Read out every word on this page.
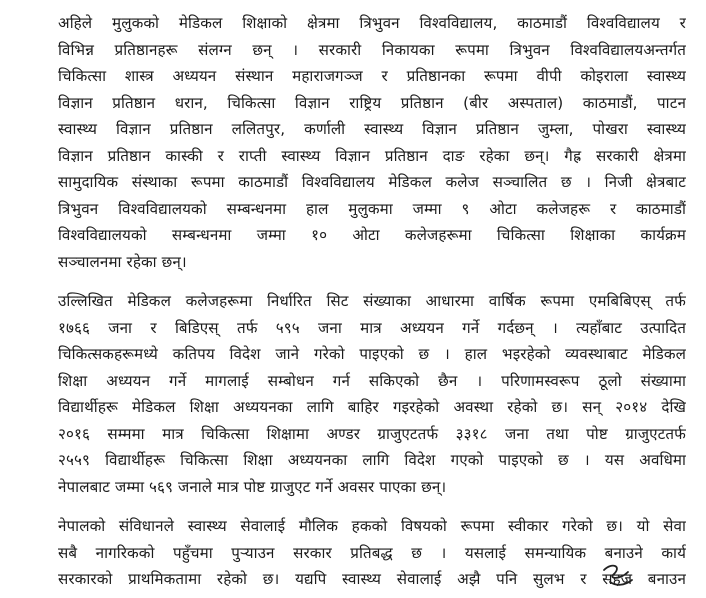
अहिले मुलुकको मेडिकल शिक्षाको क्षेत्रमा त्रिभुवन विश्वविद्यालय, काठमाडौं विश्वविद्यालय र
विभिन्न प्रतिष्ठानहरू संलग्न छन् । सरकारी निकायका रूपमा त्रिभुवन विश्वविद्यालयअन्तर्गत
चिकित्सा शास्त्र अध्ययन संस्थान महाराजगञ्ज र प्रतिष्ठानका रूपमा वीपी कोइराला स्वास्थ्य
विज्ञान प्रतिष्ठान धरान, चिकित्सा विज्ञान राष्ट्रिय प्रतिष्ठान (बीर अस्पताल) काठमाडौं, पाटन
स्वास्थ्य विज्ञान प्रतिष्ठान ललितपुर, कर्णाली स्वास्थ्य विज्ञान प्रतिष्ठान जुम्ला, पोखरा स्वास्थ्य
विज्ञान प्रतिष्ठान कास्की र राप्ती स्वास्थ्य विज्ञान प्रतिष्ठान दाङ रहेका छन्। गैह्र सरकारी क्षेत्रमा
सामुदायिक संस्थाका रूपमा काठमाडौं विश्वविद्यालय मेडिकल कलेज सञ्चालित छ । निजी क्षेत्रबाट
त्रिभुवन विश्वविद्यालयको सम्बन्धनमा हाल मुलुकमा जम्मा ९ ओटा कलेजहरू र काठमाडौं
विश्वविद्यालयको सम्बन्धनमा जम्मा १० ओटा कलेजहरूमा चिकित्सा शिक्षाका कार्यक्रम
सञ्चालनमा रहेका छन्।
उल्लिखित मेडिकल कलेजहरूमा निर्धारित सिट संख्याका आधारमा वार्षिक रूपमा एमबिबिएस् तर्फ
१७६६ जना र बिडिएस् तर्फ ५९५ जना मात्र अध्ययन गर्ने गर्दछन् । त्यहाँबाट उत्पादित
चिकित्सकहरूमध्ये कतिपय विदेश जाने गरेको पाइएको छ । हाल भइरहेको व्यवस्थाबाट मेडिकल
शिक्षा अध्ययन गर्ने मागलाई सम्बोधन गर्न सकिएको छैन । परिणामस्वरूप ठूलो संख्यामा
विद्यार्थीहरू मेडिकल शिक्षा अध्ययनका लागि बाहिर गइरहेको अवस्था रहेको छ। सन् २०१४ देखि
२०१६ सम्ममा मात्र चिकित्सा शिक्षामा अण्डर ग्राजुएटतर्फ ३३१८ जना तथा पोष्ट ग्राजुएटतर्फ
२५५९ विद्यार्थीहरू चिकित्सा शिक्षा अध्ययनका लागि विदेश गएको पाइएको छ । यस अवधिमा
नेपालबाट जम्मा ५६९ जनाले मात्र पोष्ट ग्राजुएट गर्ने अवसर पाएका छन्।
नेपालको संविधानले स्वास्थ्य सेवालाई मौलिक हकको विषयको रूपमा स्वीकार गरेको छ। यो सेवा
सबै नागरिकको पहुँचमा पुर्‍याउन सरकार प्रतिबद्ध छ । यसलाई समन्यायिक बनाउने कार्य
सरकारको प्राथमिकतामा रहेको छ। यद्यपि स्वास्थ्य सेवालाई अझै पनि सुलभ र सहज बनाउन
